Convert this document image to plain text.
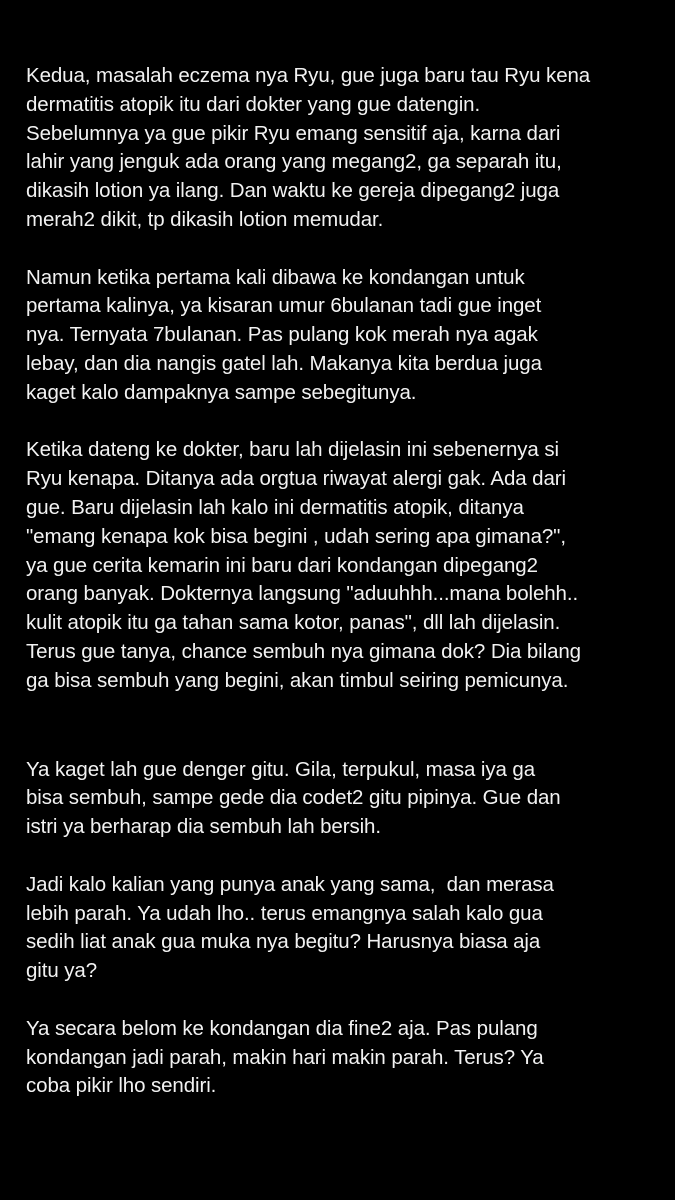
Kedua, masalah eczema nya Ryu, gue juga baru tau Ryu kena
dermatitis atopik itu dari dokter yang gue datengin.
Sebelumnya ya gue pikir Ryu emang sensitif aja, karna dari
lahir yang jenguk ada orang yang megang2, ga separah itu,
dikasih lotion ya ilang. Dan waktu ke gereja dipegang2 juga
merah2 dikit, tp dikasih lotion memudar.

Namun ketika pertama kali dibawa ke kondangan untuk
pertama kalinya, ya kisaran umur 6bulanan tadi gue inget
nya. Ternyata 7bulanan. Pas pulang kok merah nya agak
lebay, dan dia nangis gatel lah. Makanya kita berdua juga
kaget kalo dampaknya sampe sebegitunya.

Ketika dateng ke dokter, baru lah dijelasin ini sebenernya si
Ryu kenapa. Ditanya ada orgtua riwayat alergi gak. Ada dari
gue. Baru dijelasin lah kalo ini dermatitis atopik, ditanya
"emang kenapa kok bisa begini , udah sering apa gimana?",
ya gue cerita kemarin ini baru dari kondangan dipegang2
orang banyak. Dokternya langsung "aduuhhh...mana bolehh..
kulit atopik itu ga tahan sama kotor, panas", dll lah dijelasin.
Terus gue tanya, chance sembuh nya gimana dok? Dia bilang
ga bisa sembuh yang begini, akan timbul seiring pemicunya.

Ya kaget lah gue denger gitu. Gila, terpukul, masa iya ga
bisa sembuh, sampe gede dia codet2 gitu pipinya. Gue dan
istri ya berharap dia sembuh lah bersih.

Jadi kalo kalian yang punya anak yang sama,  dan merasa
lebih parah. Ya udah lho.. terus emangnya salah kalo gua
sedih liat anak gua muka nya begitu? Harusnya biasa aja
gitu ya?

Ya secara belom ke kondangan dia fine2 aja. Pas pulang
kondangan jadi parah, makin hari makin parah. Terus? Ya
coba pikir lho sendiri.
